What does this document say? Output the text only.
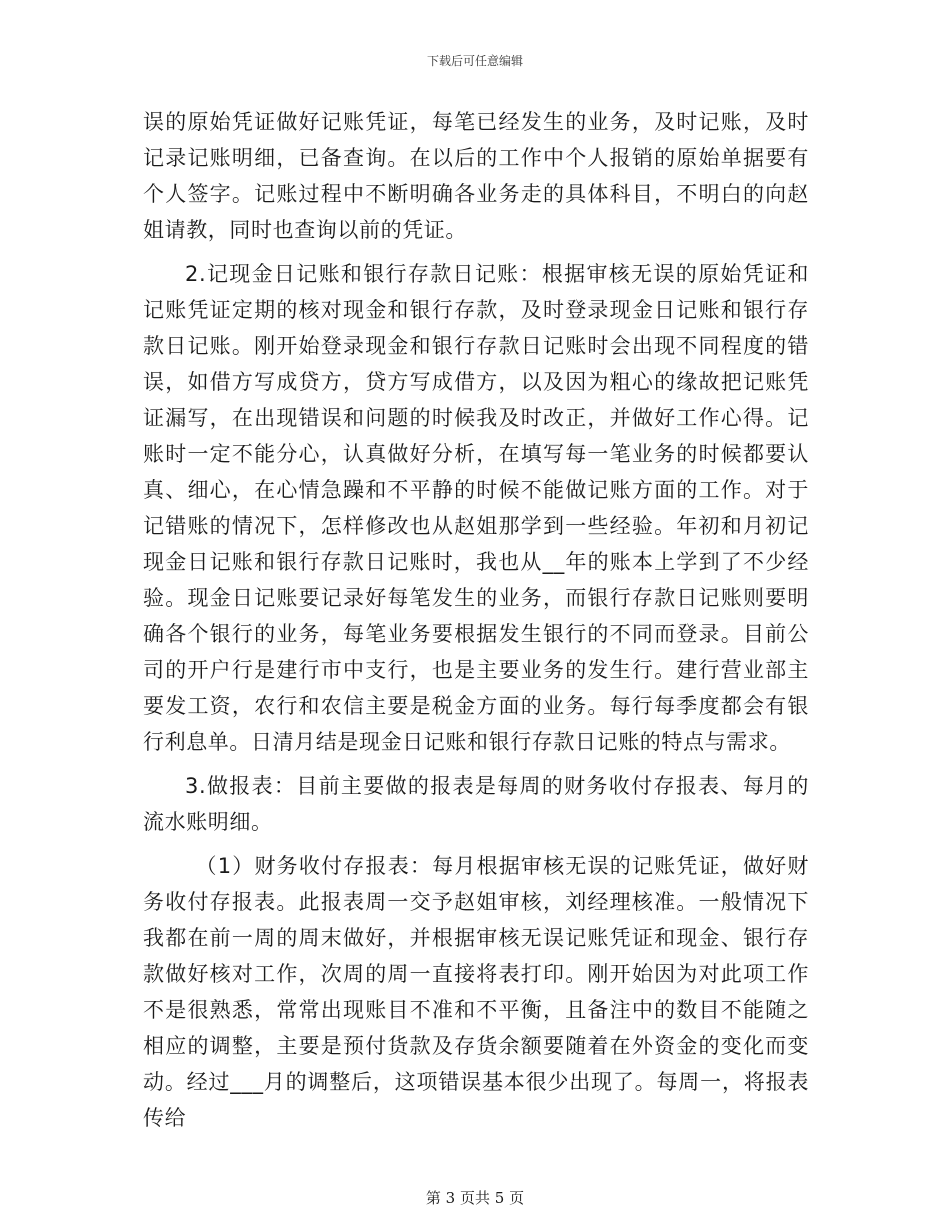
下载后可任意编辑

误的原始凭证做好记账凭证，每笔已经发生的业务，及时记账，及时记录记账明细，已备查询。在以后的工作中个人报销的原始单据要有个人签字。记账过程中不断明确各业务走的具体科目，不明白的向赵姐请教，同时也查询以前的凭证。

2.记现金日记账和银行存款日记账：根据审核无误的原始凭证和记账凭证定期的核对现金和银行存款，及时登录现金日记账和银行存款日记账。刚开始登录现金和银行存款日记账时会出现不同程度的错误，如借方写成贷方，贷方写成借方，以及因为粗心的缘故把记账凭证漏写，在出现错误和问题的时候我及时改正，并做好工作心得。记账时一定不能分心，认真做好分析，在填写每一笔业务的时候都要认真、细心，在心情急躁和不平静的时候不能做记账方面的工作。对于记错账的情况下，怎样修改也从赵姐那学到一些经验。年初和月初记现金日记账和银行存款日记账时，我也从__年的账本上学到了不少经验。现金日记账要记录好每笔发生的业务，而银行存款日记账则要明确各个银行的业务，每笔业务要根据发生银行的不同而登录。目前公司的开户行是建行市中支行，也是主要业务的发生行。建行营业部主要发工资，农行和农信主要是税金方面的业务。每行每季度都会有银行利息单。日清月结是现金日记账和银行存款日记账的特点与需求。

3.做报表：目前主要做的报表是每周的财务收付存报表、每月的流水账明细。

（1）财务收付存报表：每月根据审核无误的记账凭证，做好财务收付存报表。此报表周一交予赵姐审核，刘经理核准。一般情况下我都在前一周的周末做好，并根据审核无误记账凭证和现金、银行存款做好核对工作，次周的周一直接将表打印。刚开始因为对此项工作不是很熟悉，常常出现账目不准和不平衡，且备注中的数目不能随之相应的调整，主要是预付货款及存货余额要随着在外资金的变化而变动。经过___月的调整后，这项错误基本很少出现了。每周一，将报表传给

第 3 页共 5 页
